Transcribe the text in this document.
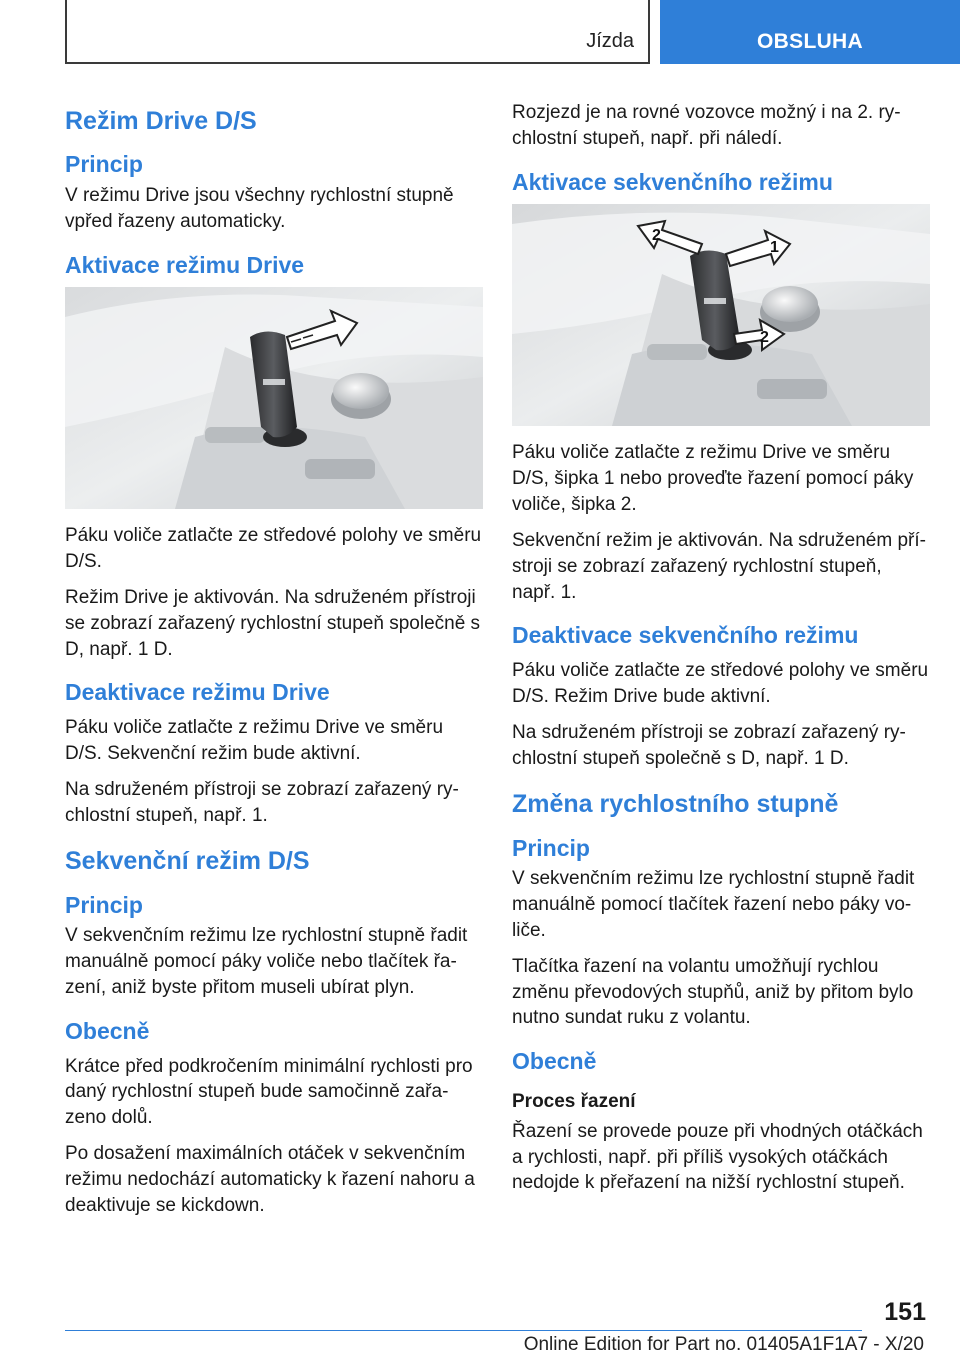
Jízda	OBSLUHA
Režim Drive D/S
Princip

V režimu Drive jsou všechny rychlostní stupně vpřed řazeny automaticky.

Aktivace režimu Drive

Páku voliče zatlačte ze středové polohy ve směru D/S.

Režim Drive je aktivován. Na sdruženém přístroji se zobrazí zařazený rychlostní stupeň společně s D, např. 1 D.

Deaktivace režimu Drive

Páku voliče zatlačte z režimu Drive ve směru D/S. Sekvenční režim bude aktivní.

Na sdruženém přístroji se zobrazí zařazený rychlostní stupeň, např. 1.

Sekvenční režim D/S
Princip

V sekvenčním režimu lze rychlostní stupně řadit manuálně pomocí páky voliče nebo tlačítek řazení, aniž byste přitom museli ubírat plyn.

Obecně

Krátce před podkročením minimální rychlosti pro daný rychlostní stupeň bude samočinně zařazeno dolů.

Po dosažení maximálních otáček v sekvenčním režimu nedochází automaticky k řazení nahoru a deaktivuje se kickdown.

Rozjezd je na rovné vozovce možný i na 2. rychlostní stupeň, např. při náledí.

Aktivace sekvenčního režimu
1
2
2

Páku voliče zatlačte z režimu Drive ve směru D/S, šipka 1 nebo proveďte řazení pomocí páky voliče, šipka 2.

Sekvenční režim je aktivován. Na sdruženém přístroji se zobrazí zařazený rychlostní stupeň, např. 1.

Deaktivace sekvenčního režimu

Páku voliče zatlačte ze středové polohy ve směru D/S. Režim Drive bude aktivní.

Na sdruženém přístroji se zobrazí zařazený rychlostní stupeň společně s D, např. 1 D.

Změna rychlostního stupně
Princip

V sekvenčním režimu lze rychlostní stupně řadit manuálně pomocí tlačítek řazení nebo páky voliče.

Tlačítka řazení na volantu umožňují rychlou změnu převodových stupňů, aniž by přitom bylo nutno sundat ruku z volantu.

Obecně
Proces řazení

Řazení se provede pouze při vhodných otáčkách a rychlosti, např. při příliš vysokých otáčkách nedojde k přeřazení na nižší rychlostní stupeň.

151
Online Edition for Part no. 01405A1F1A7 - X/20
